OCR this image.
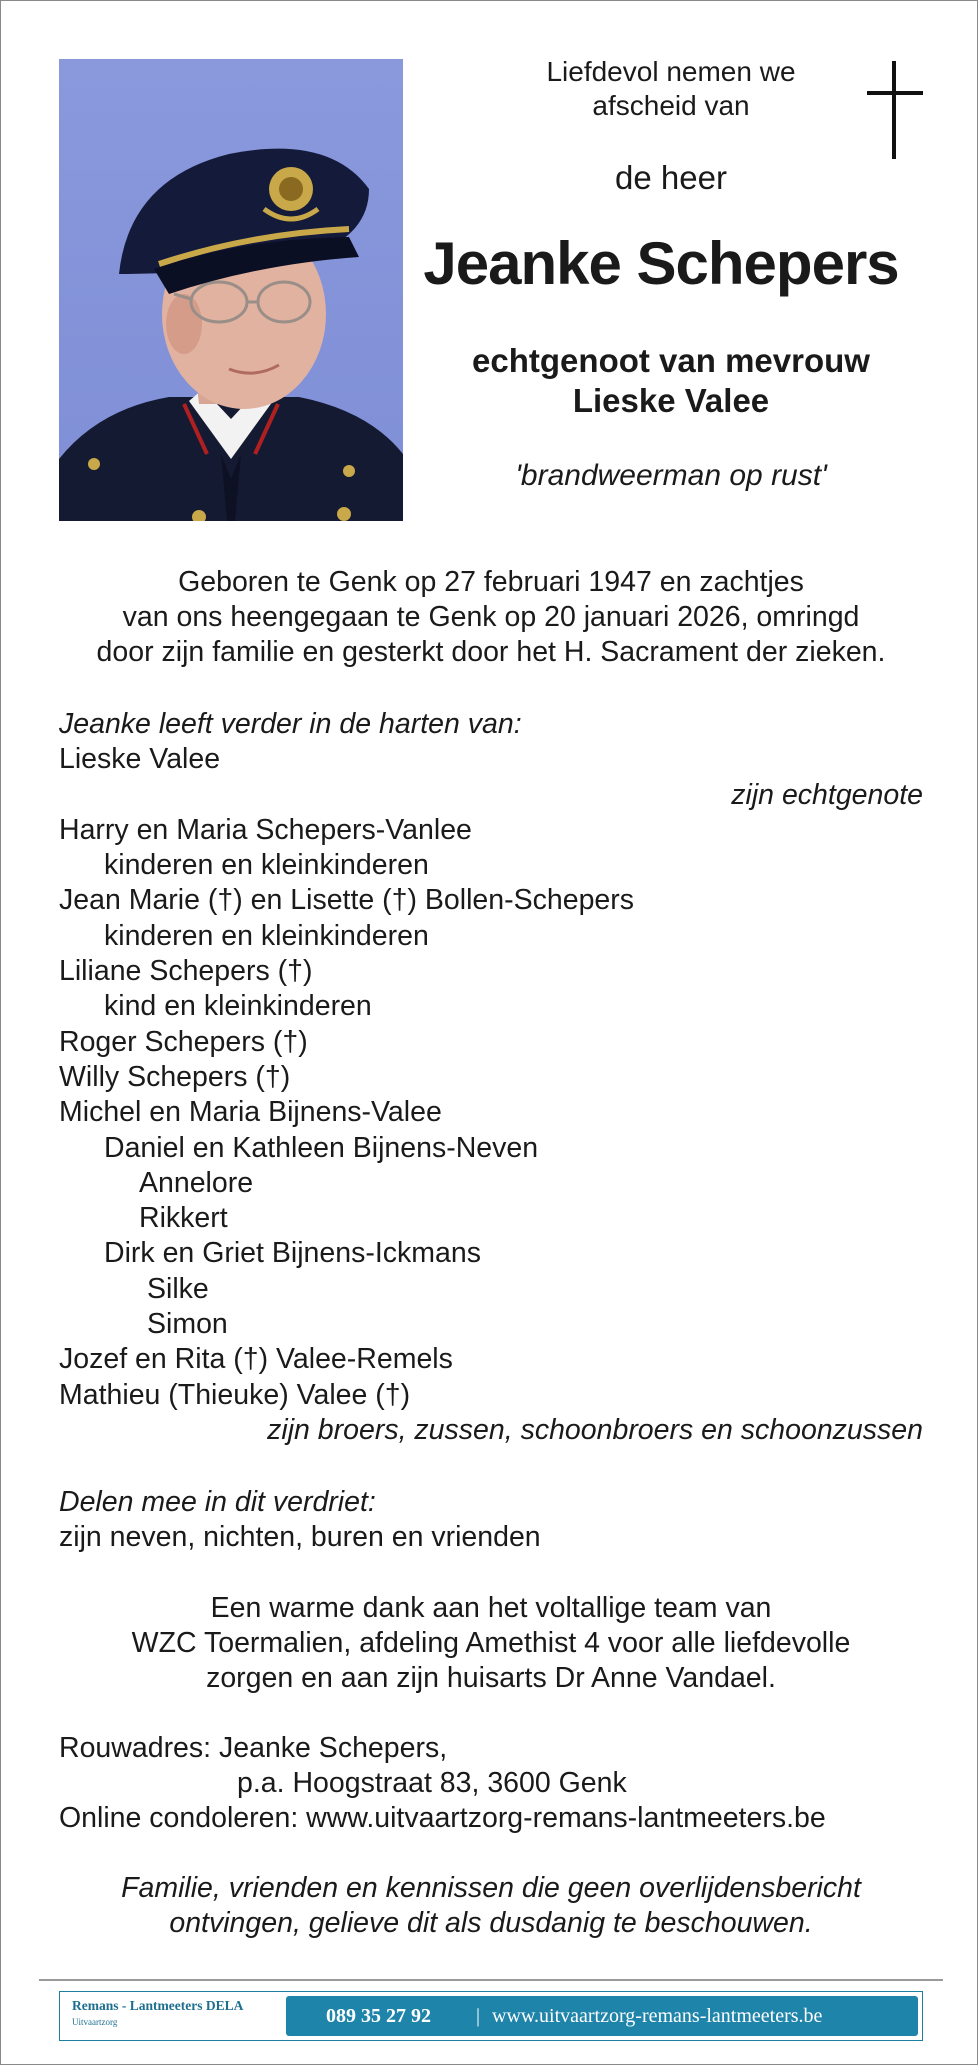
Liefdevol nemen we
afscheid van
de heer
Jeanke Schepers
echtgenoot van mevrouw
Lieske Valee
'brandweerman op rust'
Geboren te Genk op 27 februari 1947 en zachtjes
van ons heengegaan te Genk op 20 januari 2026, omringd
door zijn familie en gesterkt door het H. Sacrament der zieken.
Jeanke leeft verder in de harten van:
Lieske Valee
zijn echtgenote
Harry en Maria Schepers-Vanlee
kinderen en kleinkinderen
Jean Marie (†) en Lisette (†) Bollen-Schepers
kinderen en kleinkinderen
Liliane Schepers (†)
kind en kleinkinderen
Roger Schepers (†)
Willy Schepers (†)
Michel en Maria Bijnens-Valee
Daniel en Kathleen Bijnens-Neven
Annelore
Rikkert
Dirk en Griet Bijnens-Ickmans
Silke
Simon
Jozef en Rita (†) Valee-Remels
Mathieu (Thieuke) Valee (†)
zijn broers, zussen, schoonbroers en schoonzussen
Delen mee in dit verdriet:
zijn neven, nichten, buren en vrienden
Een warme dank aan het voltallige team van
WZC Toermalien, afdeling Amethist 4 voor alle liefdevolle
zorgen en aan zijn huisarts Dr Anne Vandael.
Rouwadres: Jeanke Schepers,
p.a. Hoogstraat 83, 3600 Genk
Online condoleren: www.uitvaartzorg-remans-lantmeeters.be
Familie, vrienden en kennissen die geen overlijdensbericht
ontvingen, gelieve dit als dusdanig te beschouwen.
Remans - Lantmeeters DELA
Uitvaartzorg	089 35 27 92 | www.uitvaartzorg-remans-lantmeeters.be
